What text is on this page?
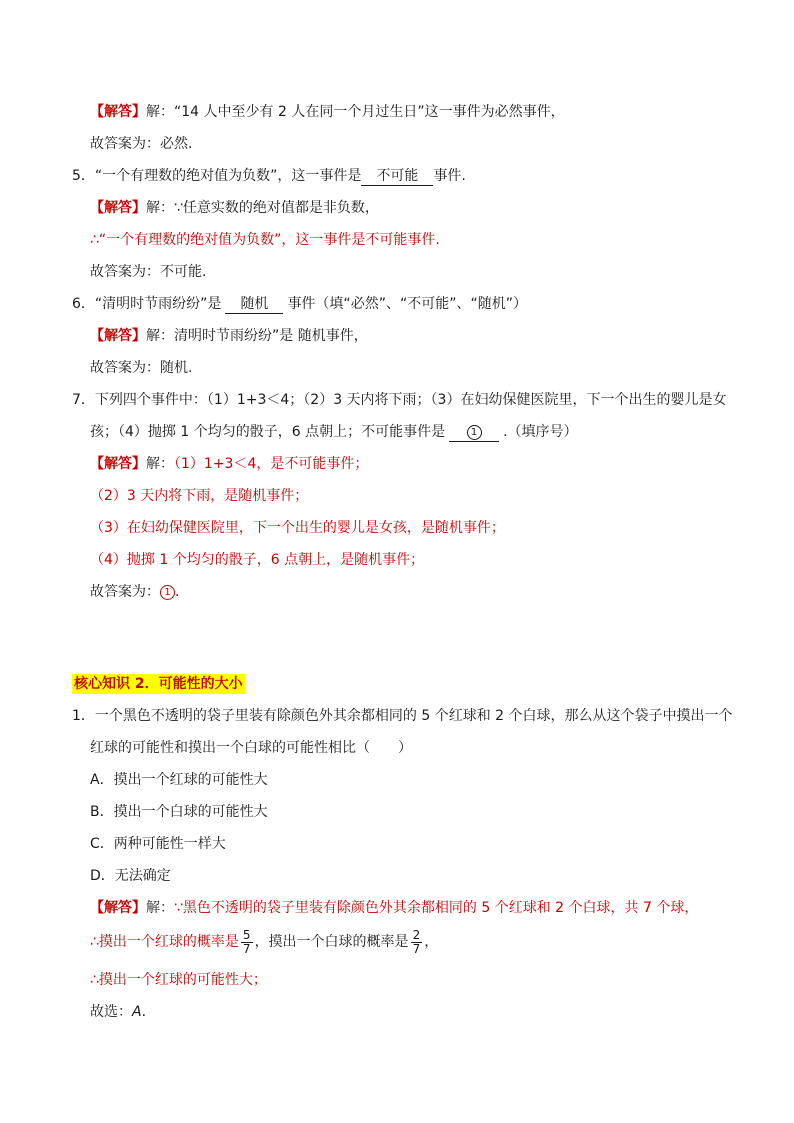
【解答】解：“14 人中至少有 2 人在同一个月过生日”这一事件为必然事件，
故答案为：必然.
5．“一个有理数的绝对值为负数”，这一事件是 不可能 事件.
【解答】解：∵任意实数的绝对值都是非负数，
∴“一个有理数的绝对值为负数”，这一事件是不可能事件.
故答案为：不可能.
6．“清明时节雨纷纷”是 随机 事件（填“必然”、“不可能”、“随机”）
【解答】解：清明时节雨纷纷”是 随机事件，
故答案为：随机.
7．下列四个事件中：（1）1+3＜4；（2）3 天内将下雨；（3）在妇幼保健医院里，下一个出生的婴儿是女
孩；（4）抛掷 1 个均匀的骰子，6 点朝上；不可能事件是	1 .（填序号）
【解答】解：（1）1+3＜4，是不可能事件；
（2）3 天内将下雨，是随机事件；
（3）在妇幼保健医院里，下一个出生的婴儿是女孩，是随机事件；
（4）抛掷 1 个均匀的骰子，6 点朝上，是随机事件；
故答案为： 1 .
核心知识 2．可能性的大小
1．一个黑色不透明的袋子里装有除颜色外其余都相同的 5 个红球和 2 个白球，那么从这个袋子中摸出一个
红球的可能性和摸出一个白球的可能性相比（　　）
A．摸出一个红球的可能性大
B．摸出一个白球的可能性大
C．两种可能性一样大
D．无法确定
【解答】解：∵黑色不透明的袋子里装有除颜色外其余都相同的 5 个红球和 2 个白球，共 7 个球，
∴摸出一个红球的概率是 $\frac{5}{7}$ ，摸出一个白球的概率是 $\frac{2}{7}$ ，
∴摸出一个红球的可能性大；
故选：A.
